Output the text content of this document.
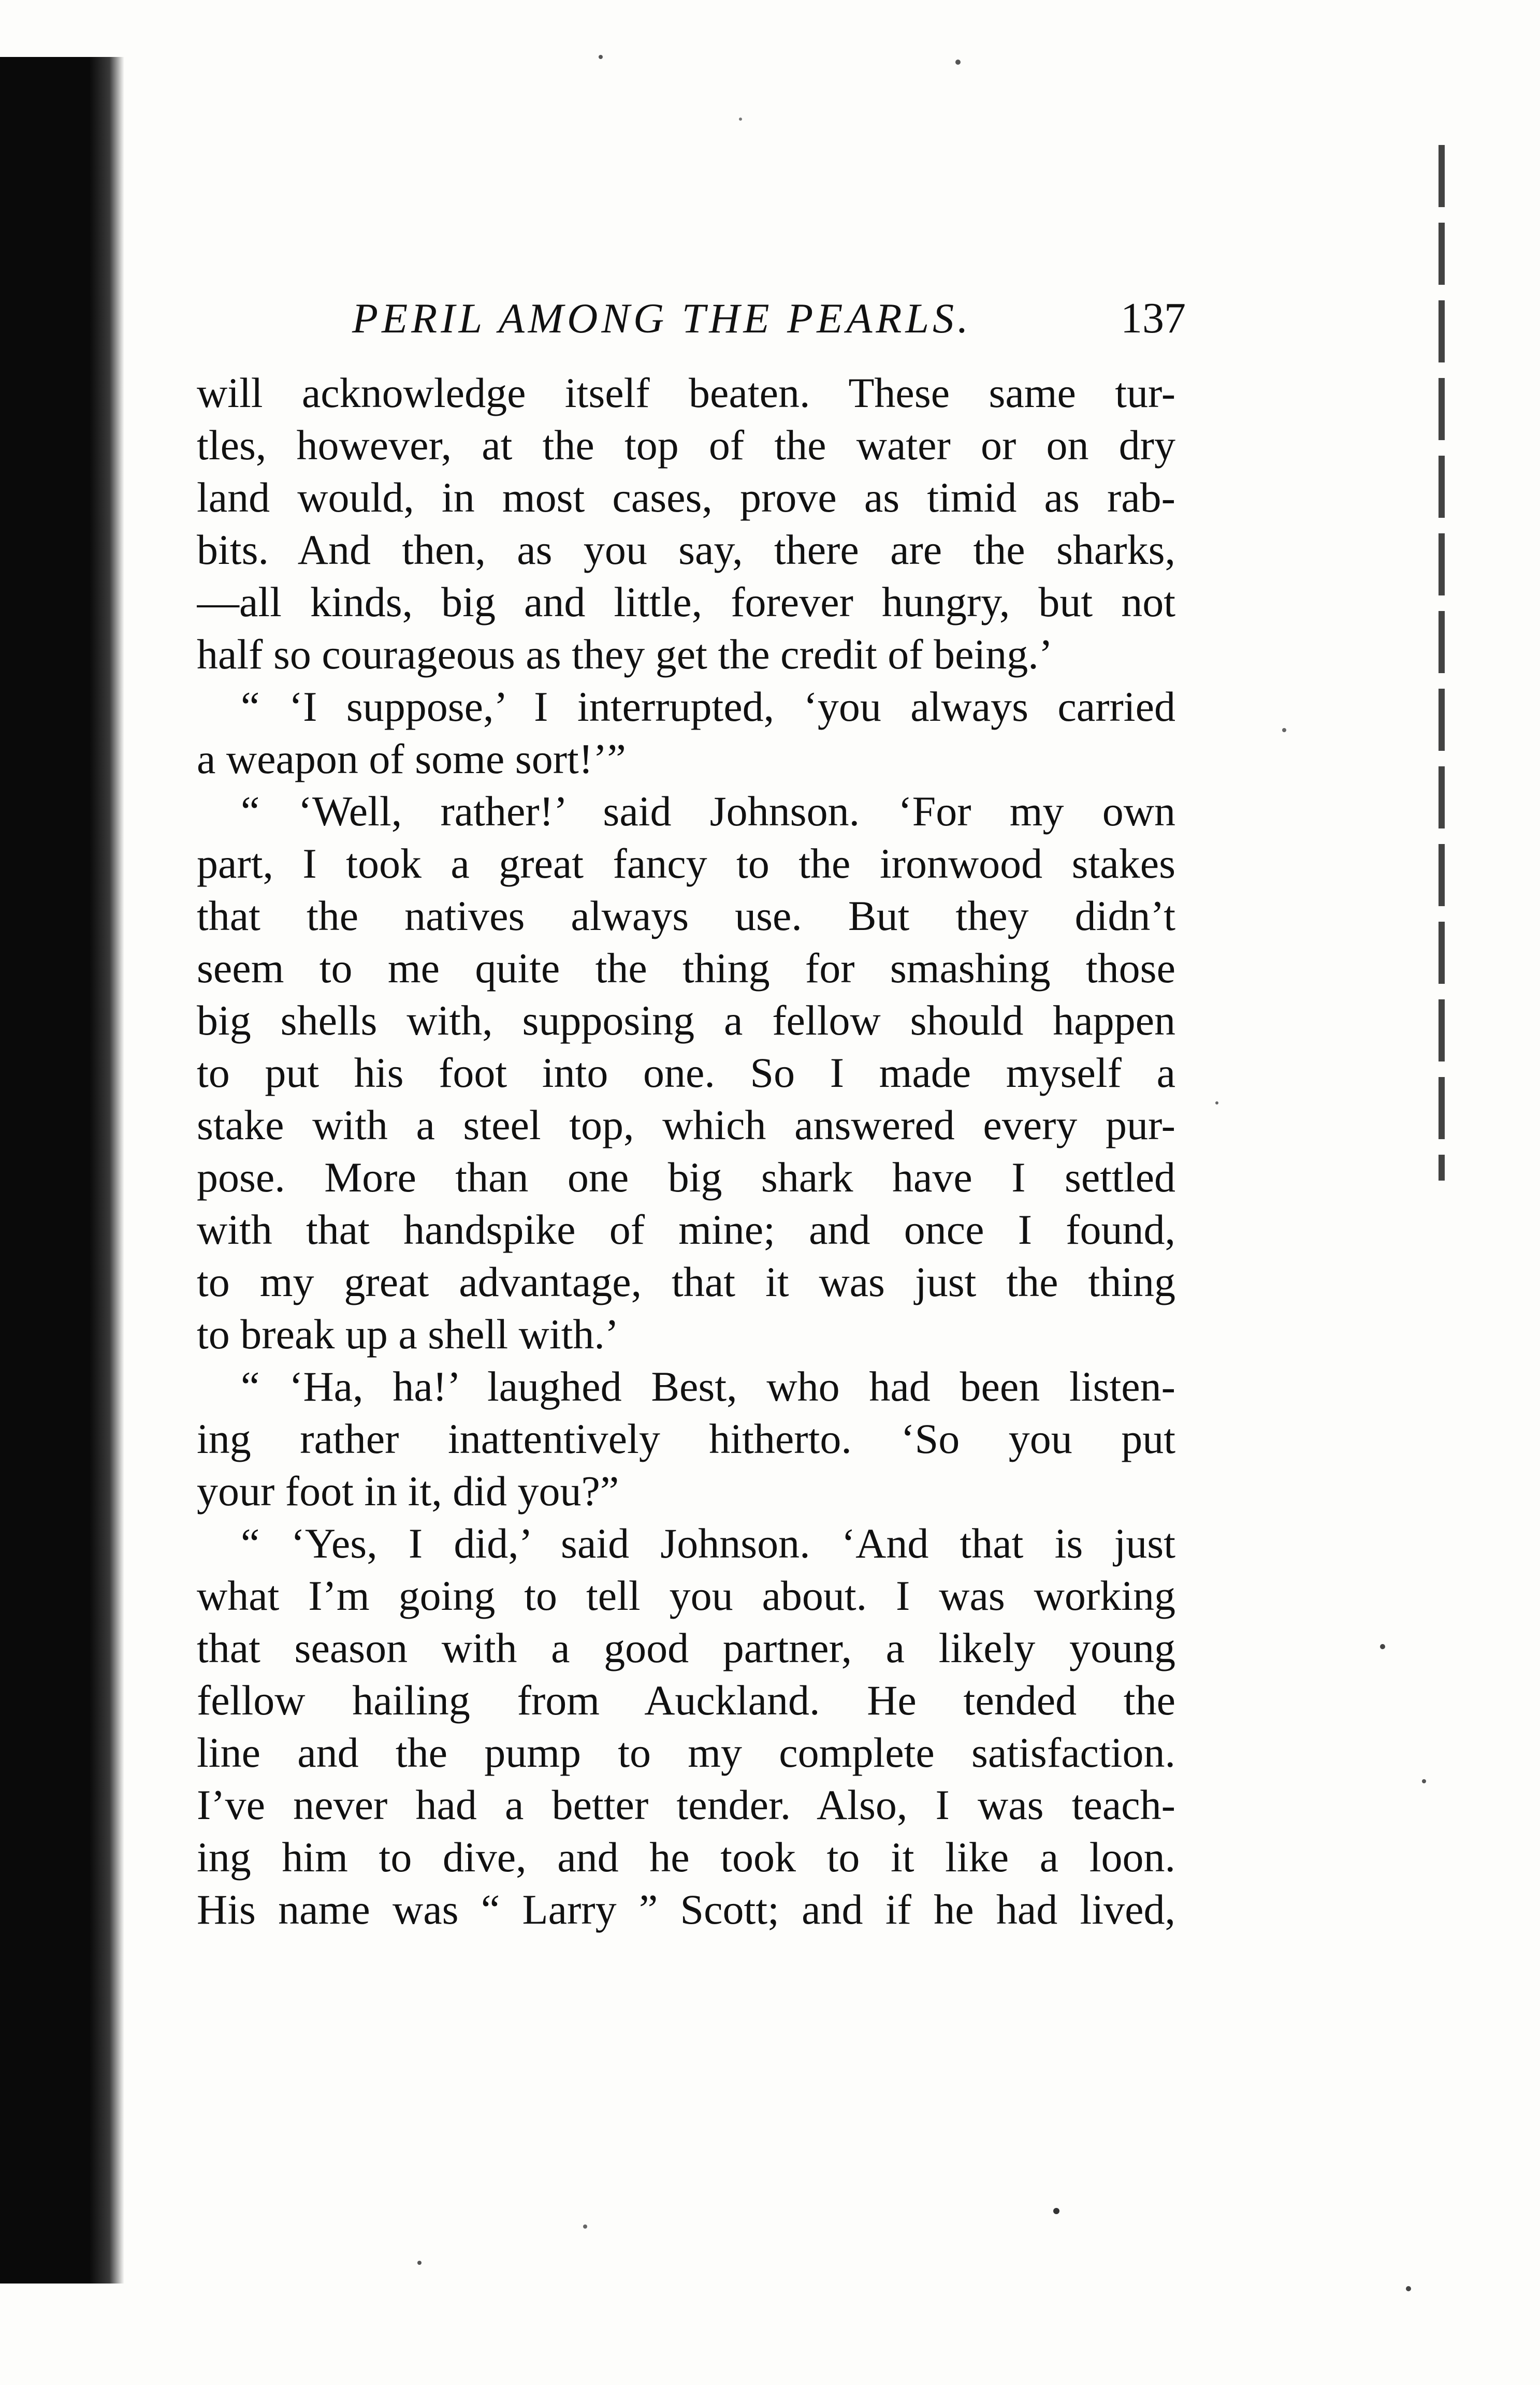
PERIL AMONG THE PEARLS.	137
will acknowledge itself beaten. These same tur-
tles, however, at the top of the water or on dry
land would, in most cases, prove as timid as rab-
bits. And then, as you say, there are the sharks,
—all kinds, big and little, forever hungry, but not
half so courageous as they get the credit of being.’
“ ‘I suppose,’ I interrupted, ‘you always carried
a weapon of some sort!’”
“ ‘Well, rather!’ said Johnson. ‘For my own
part, I took a great fancy to the ironwood stakes
that the natives always use. But they didn’t
seem to me quite the thing for smashing those
big shells with, supposing a fellow should happen
to put his foot into one. So I made myself a
stake with a steel top, which answered every pur-
pose. More than one big shark have I settled
with that handspike of mine; and once I found,
to my great advantage, that it was just the thing
to break up a shell with.’
“ ‘Ha, ha!’ laughed Best, who had been listen-
ing rather inattentively hitherto. ‘So you put
your foot in it, did you?”
“ ‘Yes, I did,’ said Johnson. ‘And that is just
what I’m going to tell you about. I was working
that season with a good partner, a likely young
fellow hailing from Auckland. He tended the
line and the pump to my complete satisfaction.
I’ve never had a better tender. Also, I was teach-
ing him to dive, and he took to it like a loon.
His name was “ Larry ” Scott; and if he had lived,
